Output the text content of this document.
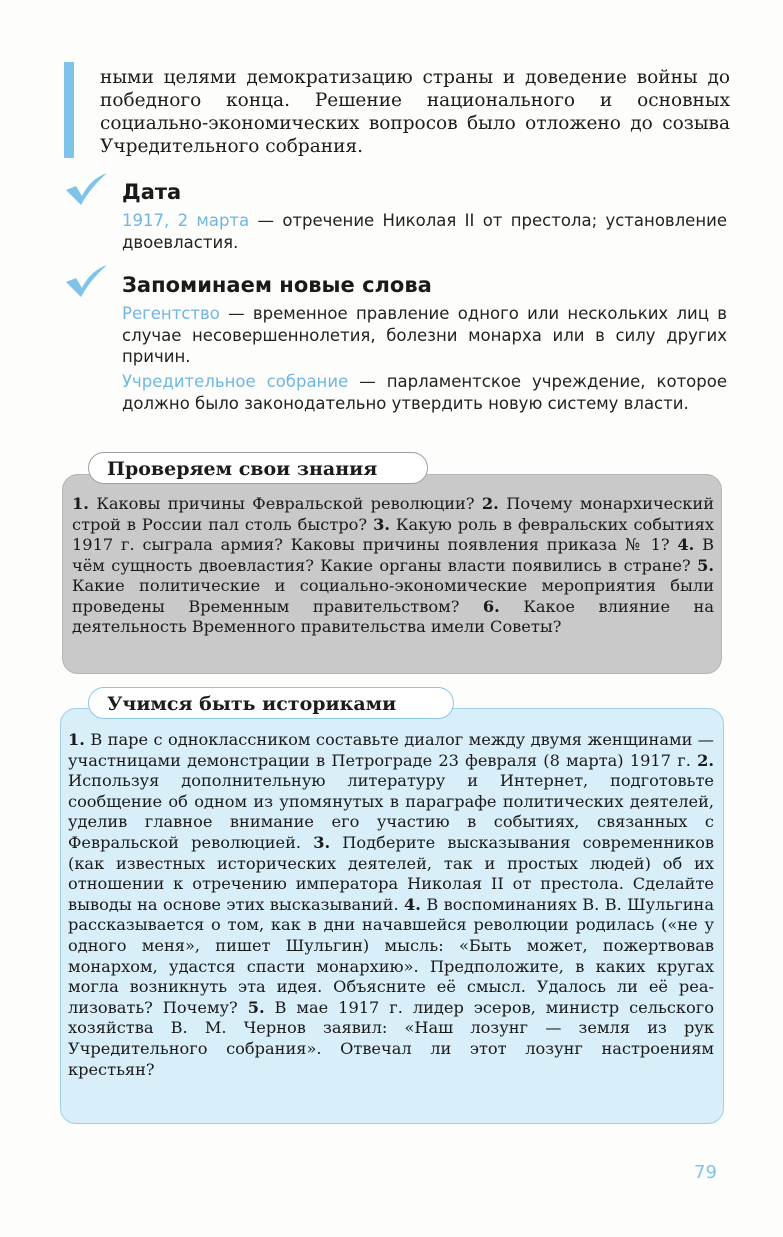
ными целями демократизацию страны и доведение войны до победного конца. Решение национального и основных социально-экономических вопросов было отложено до созыва Учредительного собрания.
Дата
1917, 2 марта — отречение Николая II от престола; установление двоевластия.
Запоминаем новые слова
Регентство — временное правление одного или нескольких лиц в случае несовершеннолетия, болезни монарха или в силу других причин.
Учредительное собрание — парламентское учреждение, которое должно было законодательно утвердить новую систему власти.
Проверяем свои знания
1. Каковы причины Февральской революции? 2. Почему монархический строй в России пал столь быстро? 3. Какую роль в февральских событиях 1917 г. сыграла армия? Каковы причины появления приказа № 1? 4. В чём сущность двоевластия? Какие органы власти появились в стране? 5. Какие политические и социально-экономические мероприятия были проведены Временным правительством? 6. Какое влияние на деятельность Временного правительства имели Советы?
Учимся быть историками
1. В паре с одноклассником составьте диалог между двумя женщинами — участницами демонстрации в Петрограде 23 февраля (8 марта) 1917 г. 2. Используя дополнительную литературу и Интернет, подготовьте сообщение об одном из упомянутых в параграфе политических деятелей, уделив главное внимание его участию в событиях, связанных с Февральской революцией. 3. Подберите высказывания современников (как известных исторических деятелей, так и простых людей) об их отношении к отречению императора Николая II от престола. Сделайте выводы на основе этих высказываний. 4. В воспоминаниях В. В. Шульгина рассказывается о том, как в дни начавшейся революции родилась («не у одного меня», пишет Шульгин) мысль: «Быть может, пожертвовав монархом, удастся спасти монархию». Предположите, в каких кругах могла возникнуть эта идея. Объясните её смысл. Удалось ли её реализовать? Почему? 5. В мае 1917 г. лидер эсеров, министр сельского хозяйства В. М. Чернов заявил: «Наш лозунг — земля из рук Учредительного собрания». Отвечал ли этот лозунг настроениям крестьян?
79
